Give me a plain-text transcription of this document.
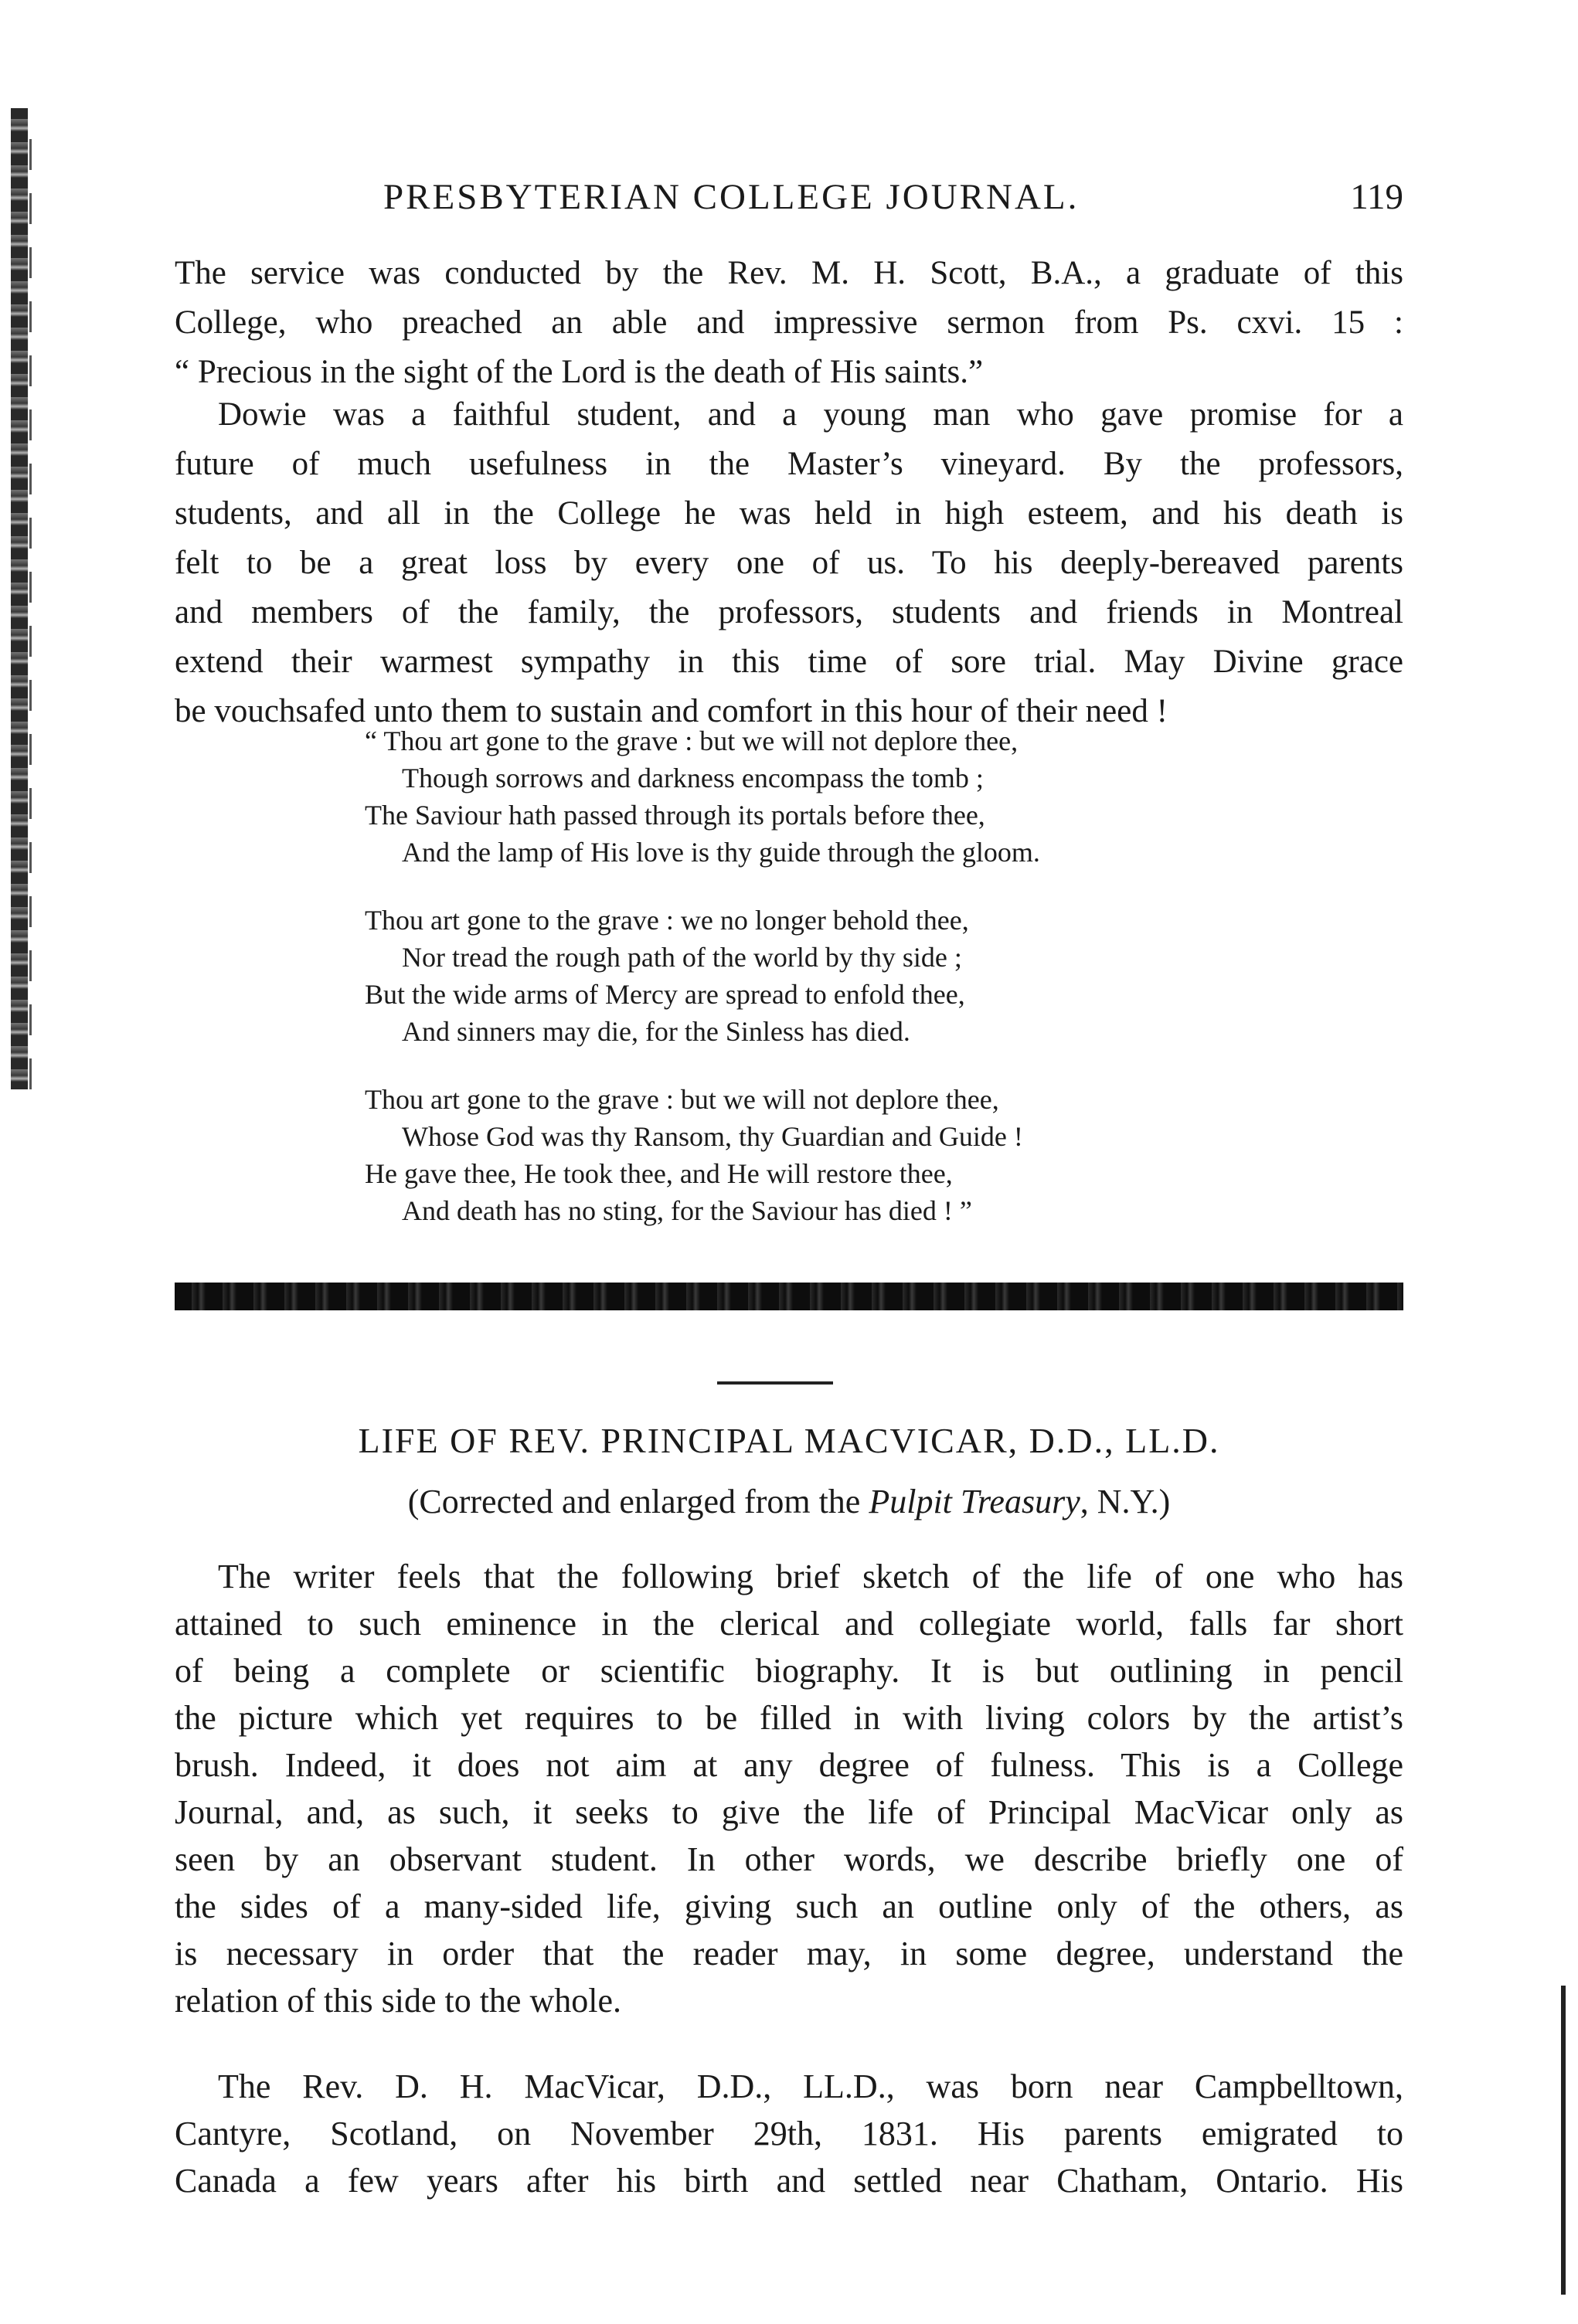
PRESBYTERIAN COLLEGE JOURNAL.	119
The service was conducted by the Rev. M. H. Scott, B.A., a graduate of this
College, who preached an able and impressive sermon from Ps. cxvi. 15 :
“ Precious in the sight of the Lord is the death of His saints.”
Dowie was a faithful student, and a young man who gave promise for a
future of much usefulness in the Master’s vineyard. By the professors,
students, and all in the College he was held in high esteem, and his death is
felt to be a great loss by every one of us. To his deeply-bereaved parents
and members of the family, the professors, students and friends in Montreal
extend their warmest sympathy in this time of sore trial. May Divine grace
be vouchsafed unto them to sustain and comfort in this hour of their need !
“ Thou art gone to the grave : but we will not deplore thee,
Though sorrows and darkness encompass the tomb ;
The Saviour hath passed through its portals before thee,
And the lamp of His love is thy guide through the gloom.
Thou art gone to the grave : we no longer behold thee,
Nor tread the rough path of the world by thy side ;
But the wide arms of Mercy are spread to enfold thee,
And sinners may die, for the Sinless has died.
Thou art gone to the grave : but we will not deplore thee,
Whose God was thy Ransom, thy Guardian and Guide !
He gave thee, He took thee, and He will restore thee,
And death has no sting, for the Saviour has died ! ”
LIFE OF REV. PRINCIPAL MACVICAR, D.D., LL.D.
(Corrected and enlarged from the Pulpit Treasury, N.Y.)
The writer feels that the following brief sketch of the life of one who has
attained to such eminence in the clerical and collegiate world, falls far short
of being a complete or scientific biography. It is but outlining in pencil
the picture which yet requires to be filled in with living colors by the artist’s
brush. Indeed, it does not aim at any degree of fulness. This is a College
Journal, and, as such, it seeks to give the life of Principal MacVicar only as
seen by an observant student. In other words, we describe briefly one of
the sides of a many-sided life, giving such an outline only of the others, as
is necessary in order that the reader may, in some degree, understand the
relation of this side to the whole.
The Rev. D. H. MacVicar, D.D., LL.D., was born near Campbelltown,
Cantyre, Scotland, on November 29th, 1831. His parents emigrated to
Canada a few years after his birth and settled near Chatham, Ontario. His
